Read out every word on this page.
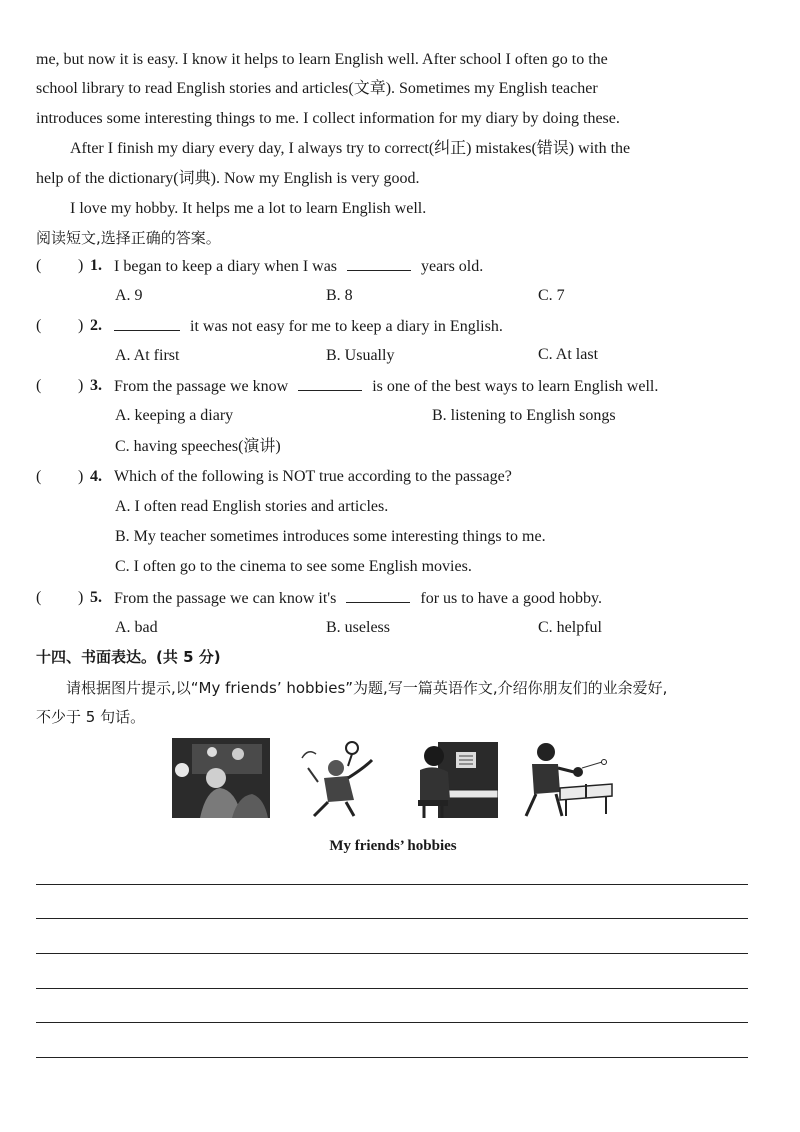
me, but now it is easy. I know it helps to learn English well. After school I often go to the
school library to read English stories and articles(文章). Sometimes my English teacher
introduces some interesting things to me. I collect information for my diary by doing these.
After I finish my diary every day, I always try to correct(纠正) mistakes(错误) with the
help of the dictionary(词典). Now my English is very good.
I love my hobby. It helps me a lot to learn English well.
阅读短文,选择正确的答案。
( ) 1. I began to keep a diary when I was	years old.
A. 9	B. 8	C. 7
( ) 2.	it was not easy for me to keep a diary in English.
A. At first	B. Usually	C. At last
( ) 3. From the passage we know	is one of the best ways to learn English well.
A. keeping a diary	B. listening to English songs
C. having speeches(演讲)
( ) 4. Which of the following is NOT true according to the passage?
A. I often read English stories and articles.
B. My teacher sometimes introduces some interesting things to me.
C. I often go to the cinema to see some English movies.
( ) 5. From the passage we can know it's	for us to have a good hobby.
A. bad	B. useless	C. helpful
十四、书面表达。(共 5 分)
请根据图片提示,以“My friends’ hobbies”为题,写一篇英语作文,介绍你朋友们的业余爱好,
不少于 5 句话。
My friends’ hobbies
